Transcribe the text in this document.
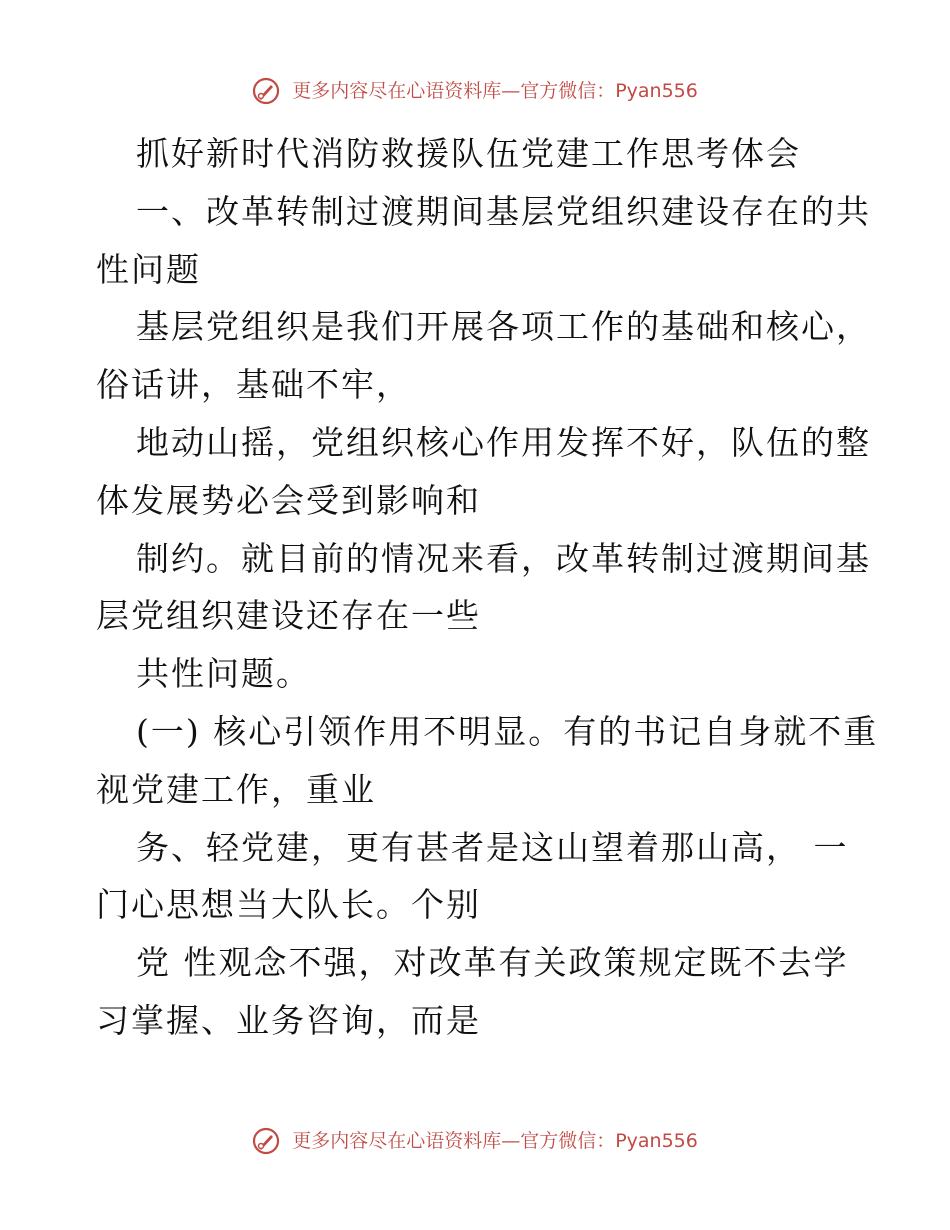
更多内容尽在心语资料库—官方微信：Pyan556
抓好新时代消防救援队伍党建工作思考体会
一、改革转制过渡期间基层党组织建设存在的共
性问题
基层党组织是我们开展各项工作的基础和核心，
俗话讲，基础不牢，
地动山摇，党组织核心作用发挥不好，队伍的整
体发展势必会受到影响和
制约。就目前的情况来看，改革转制过渡期间基
层党组织建设还存在一些
共性问题。
(一) 核心引领作用不明显。有的书记自身就不重
视党建工作，重业
务、轻党建，更有甚者是这山望着那山高， 一
门心思想当大队长。个别
党 性观念不强，对改革有关政策规定既不去学
习掌握、业务咨询，而是
更多内容尽在心语资料库—官方微信：Pyan556
